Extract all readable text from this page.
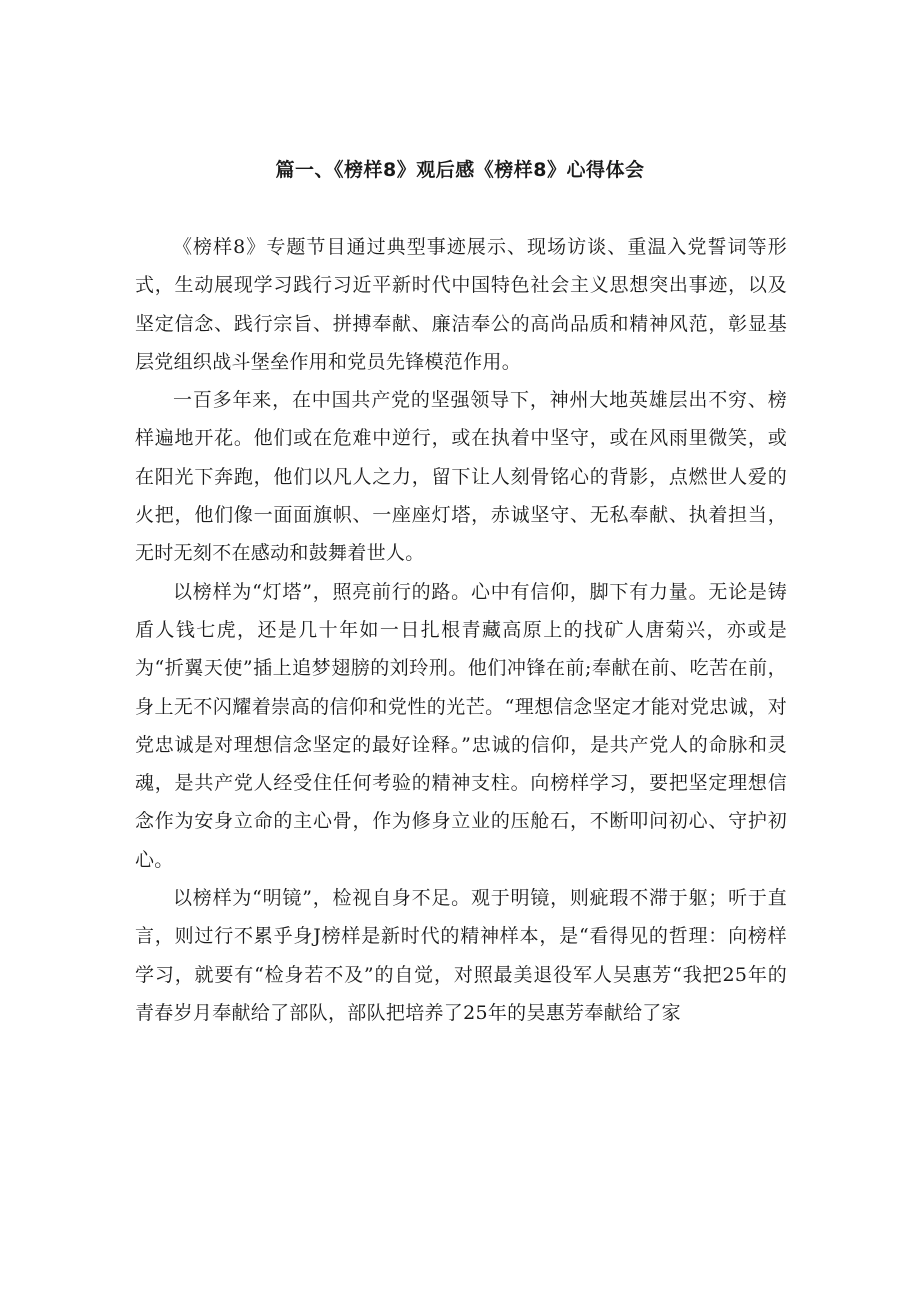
篇一、《榜样8》观后感《榜样8》心得体会

《榜样8》专题节目通过典型事迹展示、现场访谈、重温入党誓词等形式，生动展现学习践行习近平新时代中国特色社会主义思想突出事迹，以及坚定信念、践行宗旨、拼搏奉献、廉洁奉公的高尚品质和精神风范，彰显基层党组织战斗堡垒作用和党员先锋模范作用。

一百多年来，在中国共产党的坚强领导下，神州大地英雄层出不穷、榜样遍地开花。他们或在危难中逆行，或在执着中坚守，或在风雨里微笑，或在阳光下奔跑，他们以凡人之力，留下让人刻骨铭心的背影，点燃世人爱的火把，他们像一面面旗帜、一座座灯塔，赤诚坚守、无私奉献、执着担当，无时无刻不在感动和鼓舞着世人。

以榜样为“灯塔”，照亮前行的路。心中有信仰，脚下有力量。无论是铸盾人钱七虎，还是几十年如一日扎根青藏高原上的找矿人唐菊兴，亦或是为“折翼天使”插上追梦翅膀的刘玲刑。他们冲锋在前;奉献在前、吃苦在前，身上无不闪耀着崇高的信仰和党性的光芒。“理想信念坚定才能对党忠诚，对党忠诚是对理想信念坚定的最好诠释。”忠诚的信仰，是共产党人的命脉和灵魂，是共产党人经受住任何考验的精神支柱。向榜样学习，要把坚定理想信念作为安身立命的主心骨，作为修身立业的压舱石，不断叩问初心、守护初心。

以榜样为“明镜”，检视自身不足。观于明镜，则疵瑕不滞于躯；听于直言，则过行不累乎身J榜样是新时代的精神样本，是“看得见的哲理：向榜样学习，就要有“检身若不及”的自觉，对照最美退役军人吴惠芳“我把25年的青春岁月奉献给了部队，部队把培养了25年的吴惠芳奉献给了家
